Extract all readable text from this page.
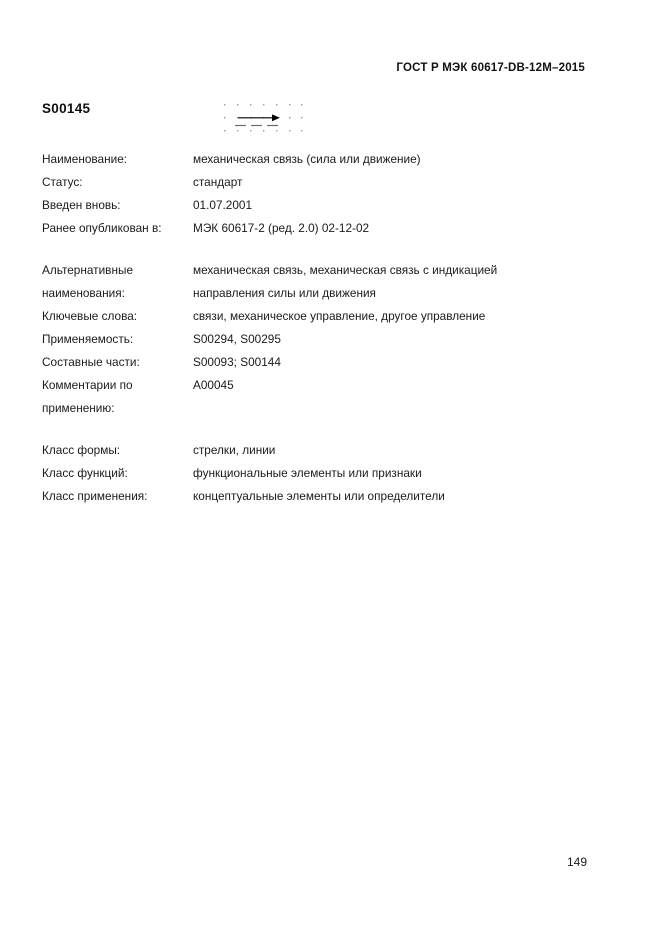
ГОСТ Р МЭК 60617-DB-12M–2015
S00145
Наименование:	механическая связь (сила или движение)
Статус:	стандарт
Введен вновь:	01.07.2001
Ранее опубликован в:	МЭК 60617-2 (ред. 2.0) 02-12-02
Альтернативные	механическая связь, механическая связь с индикацией
наименования:	направления силы или движения
Ключевые слова:	связи, механическое управление, другое управление
Применяемость:	S00294, S00295
Составные части:	S00093; S00144
Комментарии по	A00045
применению:
Класс формы:	стрелки, линии
Класс функций:	функциональные элементы или признаки
Класс применения:	концептуальные элементы или определители
149
